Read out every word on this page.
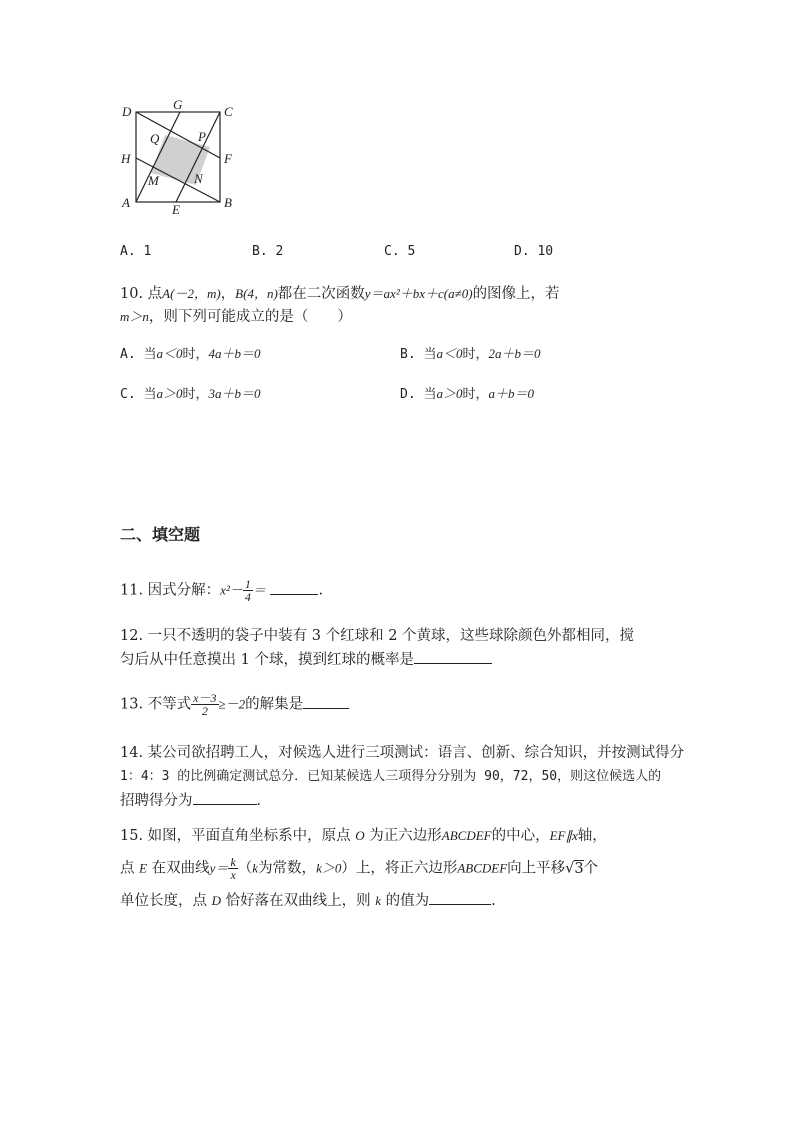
D	G	C
Q	P
H	F
M	N
A	E	B
A. 1	B. 2	C. 5	D. 10
10. 点A(－2，m)，B(4，n)都在二次函数y＝ax²＋bx＋c(a≠0)的图像上，若
m＞n，则下列可能成立的是（　　）
A. 当a＜0时，4a＋b＝0	B. 当a＜0时，2a＋b＝0
C. 当a＞0时，3a＋b＝0	D. 当a＞0时，a＋b＝0
二、填空题
11. 因式分解：$x^2- \frac{1}{4}$ ＝	.
12. 一只不透明的袋子中装有 3 个红球和 2 个黄球，这些球除颜色外都相同，搅
匀后从中任意摸出 1 个球，摸到红球的概率是
13. 不等式 $\frac{x-3}{2} \ge-2$的解集是
14. 某公司欲招聘工人，对候选人进行三项测试：语言、创新、综合知识，并按测试得分
1：4：3 的比例确定测试总分．已知某候选人三项得分分别为 90，72，50，则这位候选人的
招聘得分为	．
15. 如图，平面直角坐标系中，原点 O 为正六边形ABCDEF的中心，EF∥x轴，
点 E 在双曲线$y= \frac{k}{x} (k$为常数，k＞0）上，将正六边形ABCDEF向上平移√3个
单位长度，点 D 恰好落在双曲线上，则 k 的值为	.
